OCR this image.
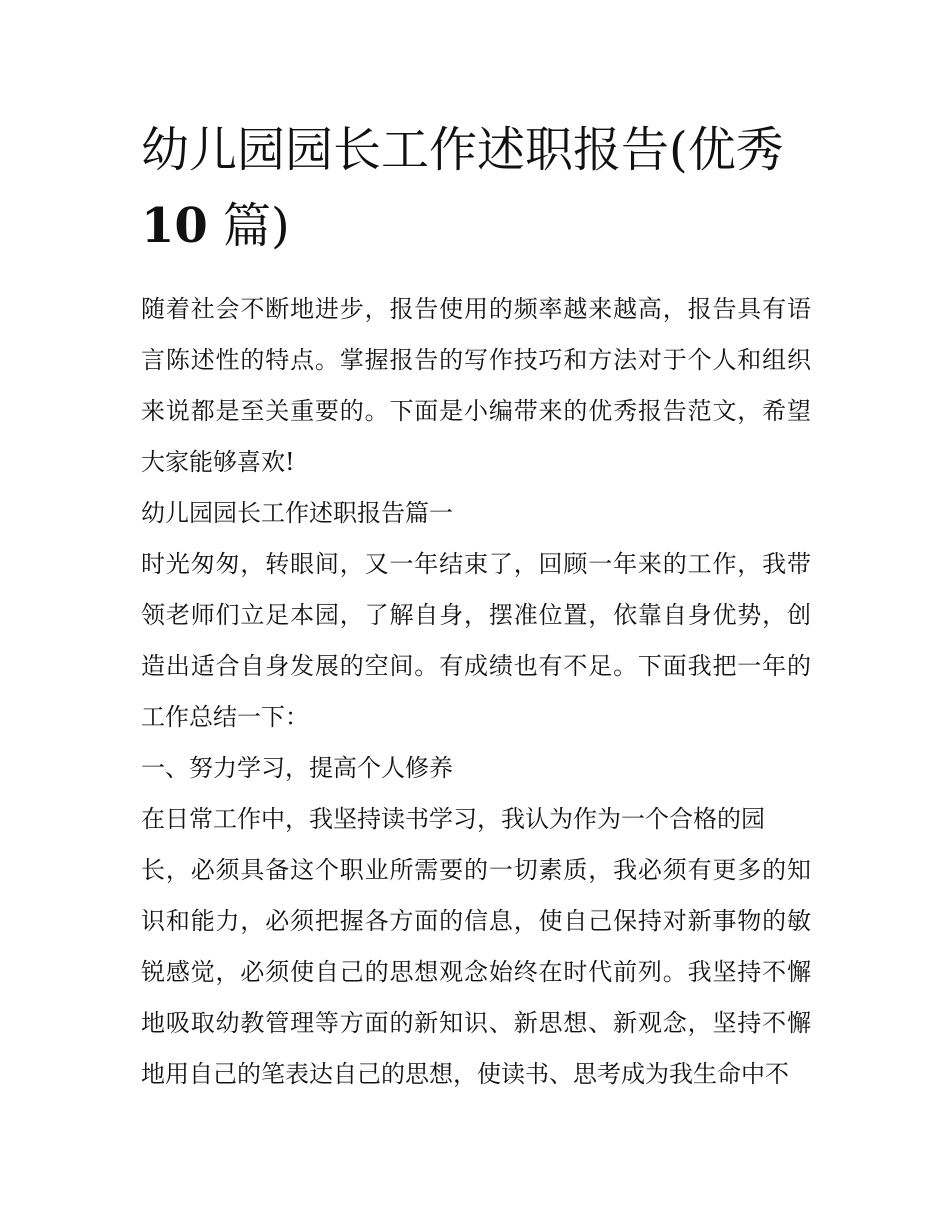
幼儿园园长工作述职报告(优秀10 篇)

随着社会不断地进步，报告使用的频率越来越高，报告具有语言陈述性的特点。掌握报告的写作技巧和方法对于个人和组织来说都是至关重要的。下面是小编带来的优秀报告范文，希望大家能够喜欢!

幼儿园园长工作述职报告篇一

时光匆匆，转眼间，又一年结束了，回顾一年来的工作，我带领老师们立足本园，了解自身，摆准位置，依靠自身优势，创造出适合自身发展的空间。有成绩也有不足。下面我把一年的工作总结一下：

一、努力学习，提高个人修养

在日常工作中，我坚持读书学习，我认为作为一个合格的园

长，必须具备这个职业所需要的一切素质，我必须有更多的知识和能力，必须把握各方面的信息，使自己保持对新事物的敏锐感觉，必须使自己的思想观念始终在时代前列。我坚持不懈地吸取幼教管理等方面的新知识、新思想、新观念，坚持不懈地用自己的笔表达自己的思想，使读书、思考成为我生命中不
